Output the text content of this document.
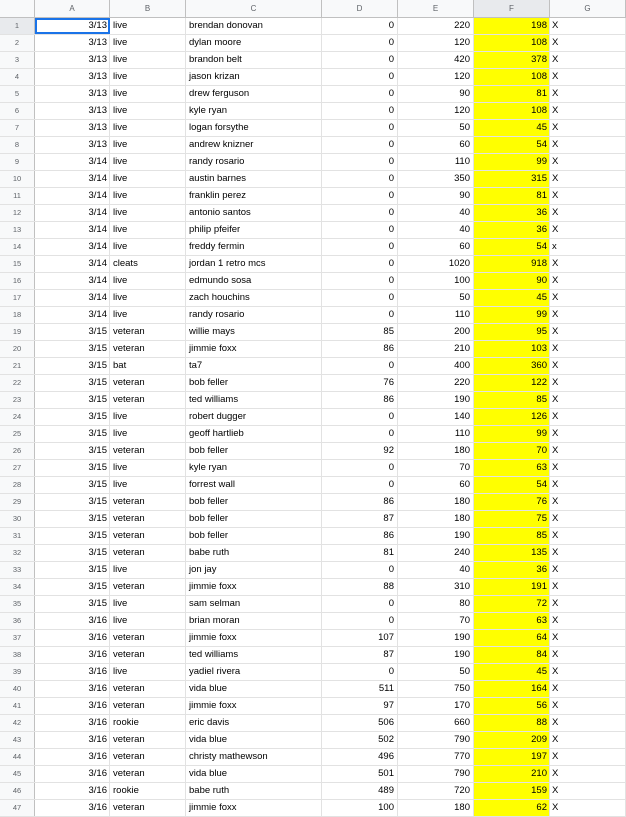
A	B	C	D	E	F	G
1	3/13 live	brendan donovan	0	220	198 X
2	3/13 live	dylan moore	0	120	108 X
3	3/13 live	brandon belt	0	420	378 X
4	3/13 live	jason krizan	0	120	108 X
5	3/13 live	drew ferguson	0	90	81 X
6	3/13 live	kyle ryan	0	120	108 X
7	3/13 live	logan forsythe	0	50	45 X
8	3/13 live	andrew knizner	0	60	54 X
9	3/14 live	randy rosario	0	110	99 X
10	3/14 live	austin barnes	0	350	315 X
11	3/14 live	franklin perez	0	90	81 X
12	3/14 live	antonio santos	0	40	36 X
13	3/14 live	philip pfeifer	0	40	36 X
14	3/14 live	freddy fermin	0	60	54 x
15	3/14 cleats	jordan 1 retro mcs	0	1020	918 X
16	3/14 live	edmundo sosa	0	100	90 X
17	3/14 live	zach houchins	0	50	45 X
18	3/14 live	randy rosario	0	110	99 X
19	3/15 veteran	willie mays	85	200	95 X
20	3/15 veteran	jimmie foxx	86	210	103 X
21	3/15 bat	ta7	0	400	360 X
22	3/15 veteran	bob feller	76	220	122 X
23	3/15 veteran	ted williams	86	190	85 X
24	3/15 live	robert dugger	0	140	126 X
25	3/15 live	geoff hartlieb	0	110	99 X
26	3/15 veteran	bob feller	92	180	70 X
27	3/15 live	kyle ryan	0	70	63 X
28	3/15 live	forrest wall	0	60	54 X
29	3/15 veteran	bob feller	86	180	76 X
30	3/15 veteran	bob feller	87	180	75 X
31	3/15 veteran	bob feller	86	190	85 X
32	3/15 veteran	babe ruth	81	240	135 X
33	3/15 live	jon jay	0	40	36 X
34	3/15 veteran	jimmie foxx	88	310	191 X
35	3/15 live	sam selman	0	80	72 X
36	3/16 live	brian moran	0	70	63 X
37	3/16 veteran	jimmie foxx	107	190	64 X
38	3/16 veteran	ted williams	87	190	84 X
39	3/16 live	yadiel rivera	0	50	45 X
40	3/16 veteran	vida blue	511	750	164 X
41	3/16 veteran	jimmie foxx	97	170	56 X
42	3/16 rookie	eric davis	506	660	88 X
43	3/16 veteran	vida blue	502	790	209 X
44	3/16 veteran	christy mathewson	496	770	197 X
45	3/16 veteran	vida blue	501	790	210 X
46	3/16 rookie	babe ruth	489	720	159 X
47	3/16 veteran	jimmie foxx	100	180	62 X
